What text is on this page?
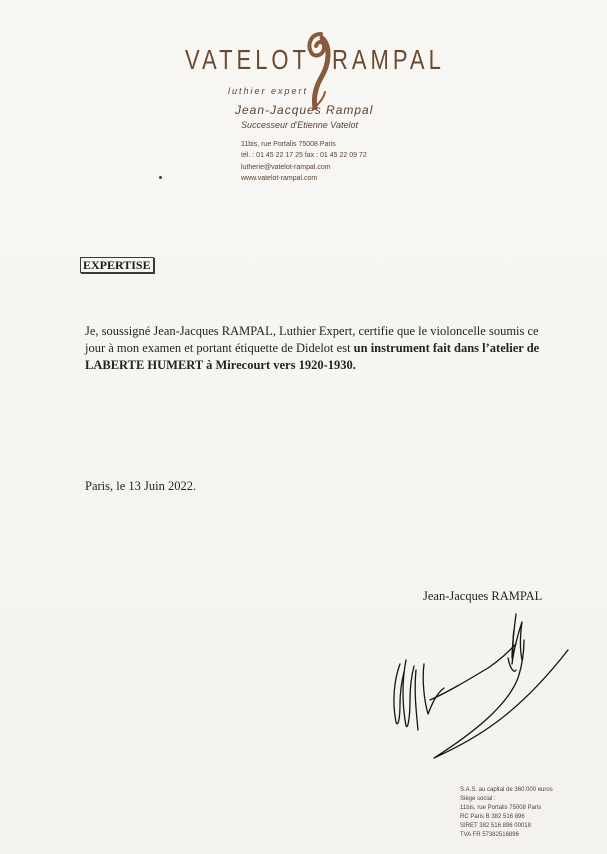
VATELOT RAMPAL
luthier expert
Jean-Jacques Rampal
Successeur d'Etienne Vatelot
11bis, rue Portalis 75008 Paris
tél. : 01 45 22 17 25 fax : 01 45 22 09 72
lutherie@vatelot-rampal.com
www.vatelot-rampal.com
EXPERTISE
Je, soussigné Jean-Jacques RAMPAL, Luthier Expert, certifie que le violoncelle soumis ce
jour à mon examen et portant étiquette de Didelot est un instrument fait dans l’atelier de
LABERTE HUMERT à Mirecourt vers 1920-1930.
Paris, le 13 Juin 2022.
Jean-Jacques RAMPAL
S.A.S. au capital de 360.000 euros
Siège social :
11bis, rue Portalis 75008 Paris
RC Paris B 382 516 896
SIRET 382 516 896 00018
TVA FR 57382516896
